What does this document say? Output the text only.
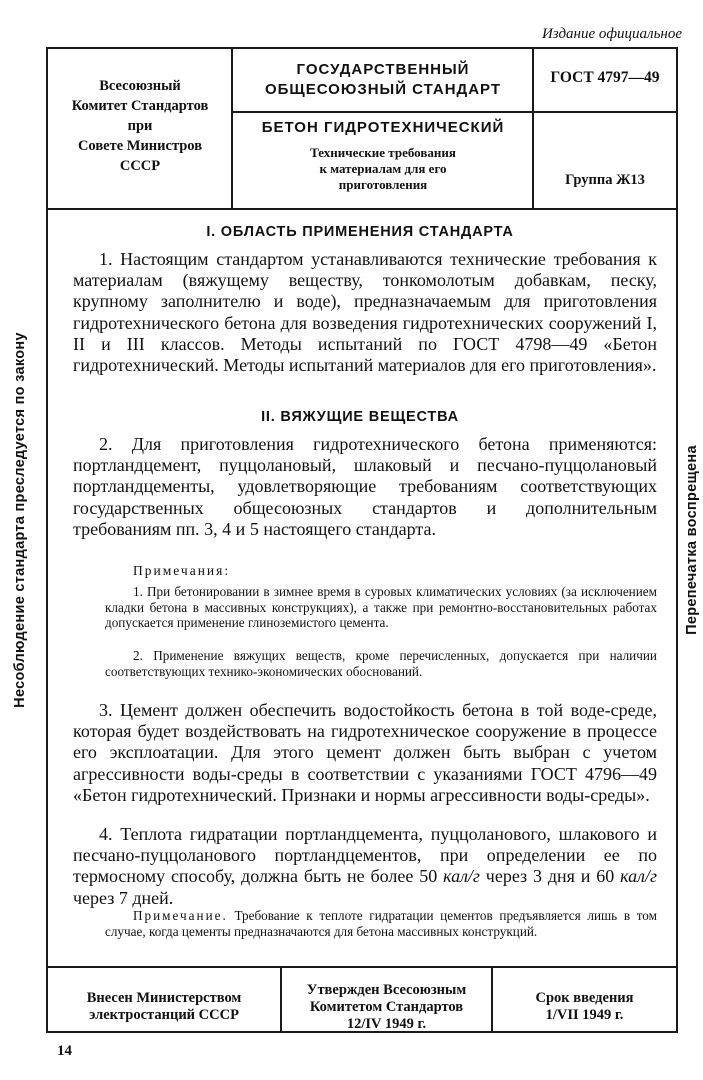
Издание официальное
Всесоюзный
Комитет Стандартов
при
Совете Министров
СССР
ГОСУДАРСТВЕННЫЙ
ОБЩЕСОЮЗНЫЙ СТАНДАРТ
БЕТОН ГИДРОТЕХНИЧЕСКИЙ
Технические требования
к материалам для его
приготовления
ГОСТ 4797—49
Группа Ж13
Несоблюдение стандарта преследуется по закону	Перепечатка воспрещена
I. ОБЛАСТЬ ПРИМЕНЕНИЯ СТАНДАРТА

1. Настоящим стандартом устанавливаются технические требования к материалам (вяжущему веществу, тонкомолотым добавкам, песку, крупному заполнителю и воде), предназначаемым для приготовления гидротехнического бетона для возведения гидротехнических сооружений I, II и III классов. Методы испытаний по ГОСТ 4798—49 «Бетон гидротехнический. Методы испытаний материалов для его приготовления».

II. ВЯЖУЩИЕ ВЕЩЕСТВА

2. Для приготовления гидротехнического бетона применяются: портландцемент, пуццолановый, шлаковый и песчано-пуццолановый портландцементы, удовлетворяющие требованиям соответствующих государственных общесоюзных стандартов и дополнительным требованиям пп. 3, 4 и 5 настоящего стандарта.

Примечания:

1. При бетонировании в зимнее время в суровых климатических условиях (за исключением кладки бетона в массивных конструкциях), а также при ремонтно-восстановительных работах допускается применение глиноземистого цемента.

2. Применение вяжущих веществ, кроме перечисленных, допускается при наличии соответствующих технико-экономических обоснований.

3. Цемент должен обеспечить водостойкость бетона в той воде-среде, которая будет воздействовать на гидротехническое сооружение в процессе его эксплоатации. Для этого цемент должен быть выбран с учетом агрессивности воды-среды в соответствии с указаниями ГОСТ 4796—49 «Бетон гидротехнический. Признаки и нормы агрессивности воды-среды».

4. Теплота гидратации портландцемента, пуццоланового, шлакового и песчано-пуццоланового портландцементов, при определении ее по термосному способу, должна быть не более 50 кал/г через 3 дня и 60 кал/г через 7 дней.

Примечание. Требование к теплоте гидратации цементов предъявляется лишь в том случае, когда цементы предназначаются для бетона массивных конструкций.

Внесен Министерством
электростанций СССР
Утвержден Всесоюзным
Комитетом Стандартов
12/IV 1949 г.
Срок введения
1/VII 1949 г.
14
